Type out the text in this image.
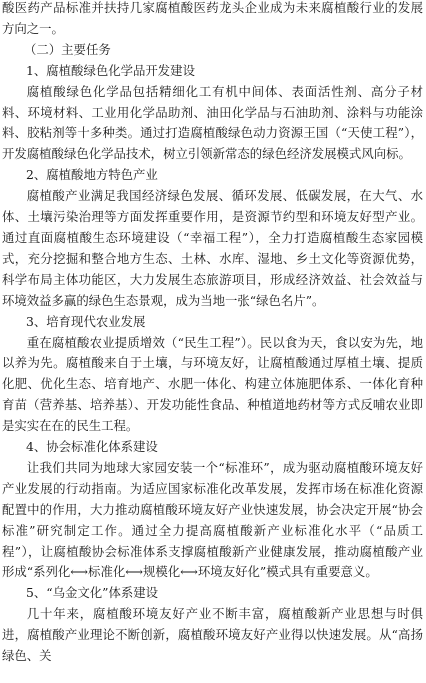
酸医药产品标准并扶持几家腐植酸医药龙头企业成为未来腐植酸行业的发展方向之一。

（二）主要任务

1、腐植酸绿色化学品开发建设

腐植酸绿色化学品包括精细化工有机中间体、表面活性剂、高分子材料、环境材料、工业用化学品助剂、油田化学品与石油助剂、涂料与功能涂料、胶粘剂等十多种类。通过打造腐植酸绿色动力资源王国（“天使工程”），开发腐植酸绿色化学品技术，树立引领新常态的绿色经济发展模式风向标。

2、腐植酸地方特色产业

腐植酸产业满足我国经济绿色发展、循环发展、低碳发展，在大气、水体、土壤污染治理等方面发挥重要作用，是资源节约型和环境友好型产业。通过直面腐植酸生态环境建设（“幸福工程”），全力打造腐植酸生态家园模式，充分挖掘和整合地方生态、土林、水库、湿地、乡土文化等资源优势，科学布局主体功能区，大力发展生态旅游项目，形成经济效益、社会效益与环境效益多赢的绿色生态景观，成为当地一张“绿色名片”。

3、培育现代农业发展

重在腐植酸农业提质增效（“民生工程”）。民以食为天，食以安为先，地以养为先。腐植酸来自于土壤，与环境友好，让腐植酸通过厚植土壤、提质化肥、优化生态、培育地产、水肥一体化、构建立体施肥体系、一体化育种育苗（营养基、培养基）、开发功能性食品、种植道地药材等方式反哺农业即是实实在在的民生工程。

4、协会标准化体系建设

让我们共同为地球大家园安装一个“标准环”，成为驱动腐植酸环境友好产业发展的行动指南。为适应国家标准化改革发展，发挥市场在标准化资源配置中的作用，大力推动腐植酸环境友好产业快速发展，协会决定开展“协会标准”研究制定工作。通过全力提高腐植酸新产业标准化水平（“品质工程”），让腐植酸协会标准体系支撑腐植酸新产业健康发展，推动腐植酸产业形成“系列化⟷标准化⟷规模化⟷环境友好化”模式具有重要意义。

5、“乌金文化”体系建设

几十年来，腐植酸环境友好产业不断丰富，腐植酸新产业思想与时俱进，腐植酸产业理论不断创新，腐植酸环境友好产业得以快速发展。从“高扬绿色、关
